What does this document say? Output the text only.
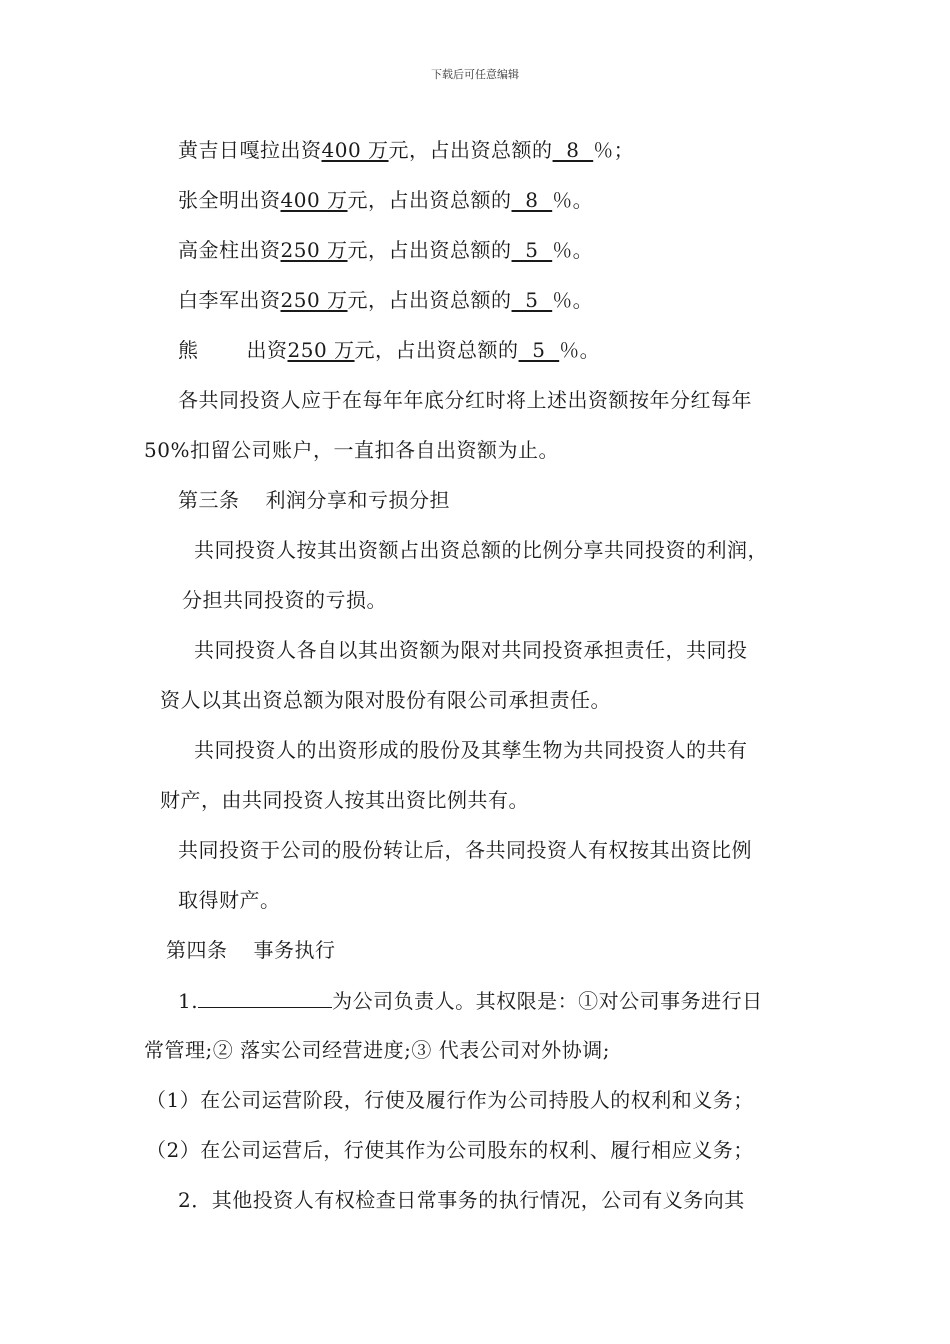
下载后可任意编辑
黄吉日嘎拉出资400 万元，占出资总额的  8  ％；
张全明出资400 万元，占出资总额的  8  ％。
高金柱出资250 万元，占出资总额的  5  ％。
白李军出资250 万元，占出资总额的  5  ％。
熊 出资250 万元，占出资总额的  5  ％。
各共同投资人应于在每年年底分红时将上述出资额按年分红每年
50%扣留公司账户，一直扣各自出资额为止。
第三条 利润分享和亏损分担
共同投资人按其出资额占出资总额的比例分享共同投资的利润，
分担共同投资的亏损。
共同投资人各自以其出资额为限对共同投资承担责任，共同投
资人以其出资总额为限对股份有限公司承担责任。
共同投资人的出资形成的股份及其孳生物为共同投资人的共有
财产，由共同投资人按其出资比例共有。
共同投资于公司的股份转让后，各共同投资人有权按其出资比例
取得财产。
第四条 事务执行
1.	为公司负责人。其权限是：①对公司事务进行日
常管理;② 落实公司经营进度;③ 代表公司对外协调;
（1）在公司运营阶段，行使及履行作为公司持股人的权利和义务；
（2）在公司运营后，行使其作为公司股东的权利、履行相应义务；
2．其他投资人有权检查日常事务的执行情况，公司有义务向其
